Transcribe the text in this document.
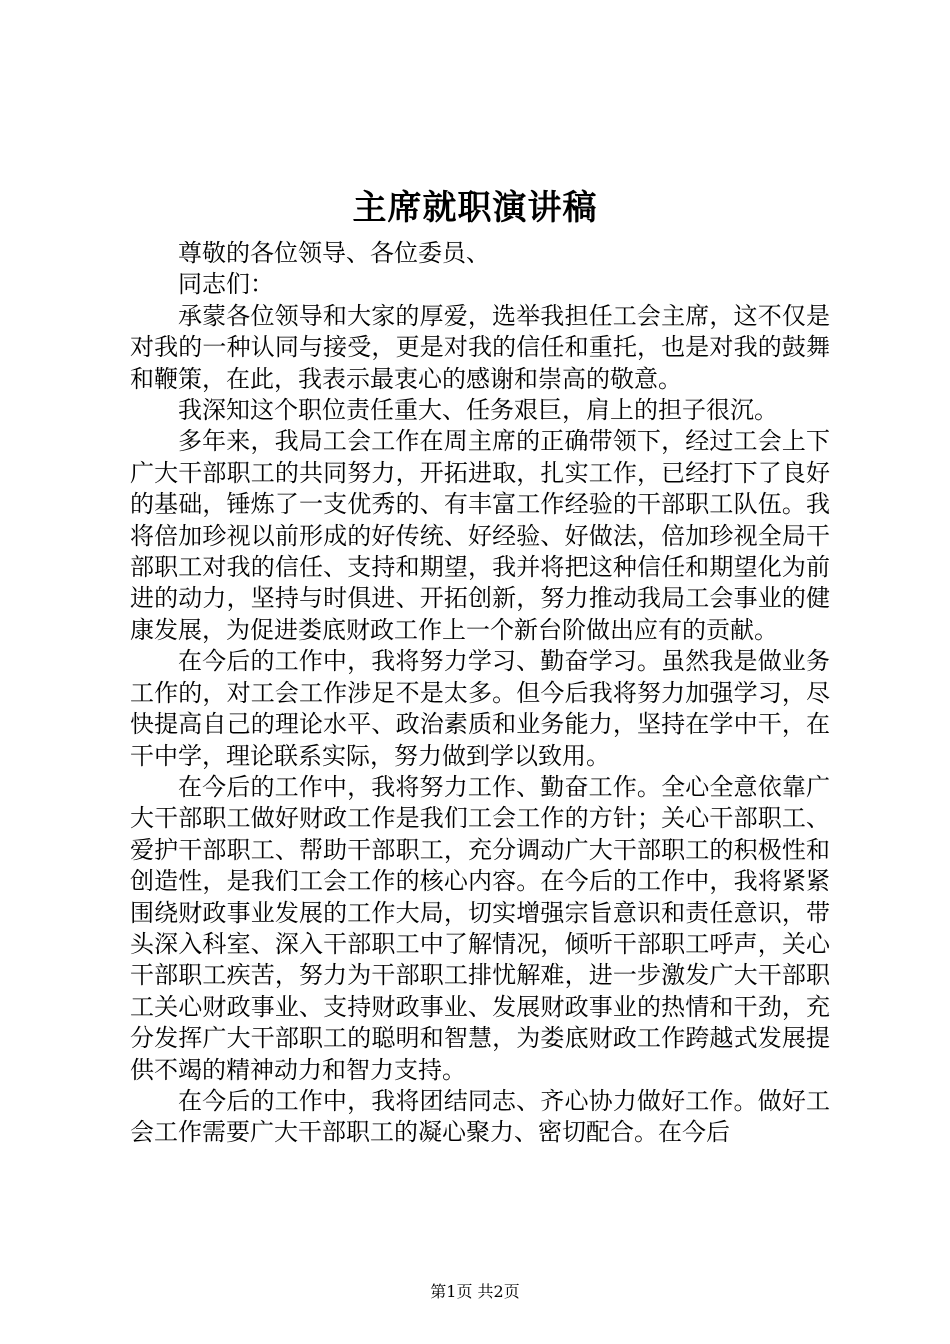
主席就职演讲稿

尊敬的各位领导、各位委员、

同志们：

承蒙各位领导和大家的厚爱，选举我担任工会主席，这不仅是对我的一种认同与接受，更是对我的信任和重托，也是对我的鼓舞和鞭策，在此，我表示最衷心的感谢和崇高的敬意。

我深知这个职位责任重大、任务艰巨，肩上的担子很沉。

多年来，我局工会工作在周主席的正确带领下，经过工会上下广大干部职工的共同努力，开拓进取，扎实工作，已经打下了良好的基础，锤炼了一支优秀的、有丰富工作经验的干部职工队伍。我将倍加珍视以前形成的好传统、好经验、好做法，倍加珍视全局干部职工对我的信任、支持和期望，我并将把这种信任和期望化为前进的动力，坚持与时俱进、开拓创新，努力推动我局工会事业的健康发展，为促进娄底财政工作上一个新台阶做出应有的贡献。

在今后的工作中，我将努力学习、勤奋学习。虽然我是做业务工作的，对工会工作涉足不是太多。但今后我将努力加强学习，尽快提高自己的理论水平、政治素质和业务能力，坚持在学中干，在干中学，理论联系实际，努力做到学以致用。

在今后的工作中，我将努力工作、勤奋工作。全心全意依靠广大干部职工做好财政工作是我们工会工作的方针；关心干部职工、爱护干部职工、帮助干部职工，充分调动广大干部职工的积极性和创造性，是我们工会工作的核心内容。在今后的工作中，我将紧紧围绕财政事业发展的工作大局，切实增强宗旨意识和责任意识，带头深入科室、深入干部职工中了解情况，倾听干部职工呼声，关心干部职工疾苦，努力为干部职工排忧解难，进一步激发广大干部职工关心财政事业、支持财政事业、发展财政事业的热情和干劲，充分发挥广大干部职工的聪明和智慧，为娄底财政工作跨越式发展提供不竭的精神动力和智力支持。

在今后的工作中，我将团结同志、齐心协力做好工作。做好工会工作需要广大干部职工的凝心聚力、密切配合。在今后

第1页 共2页
